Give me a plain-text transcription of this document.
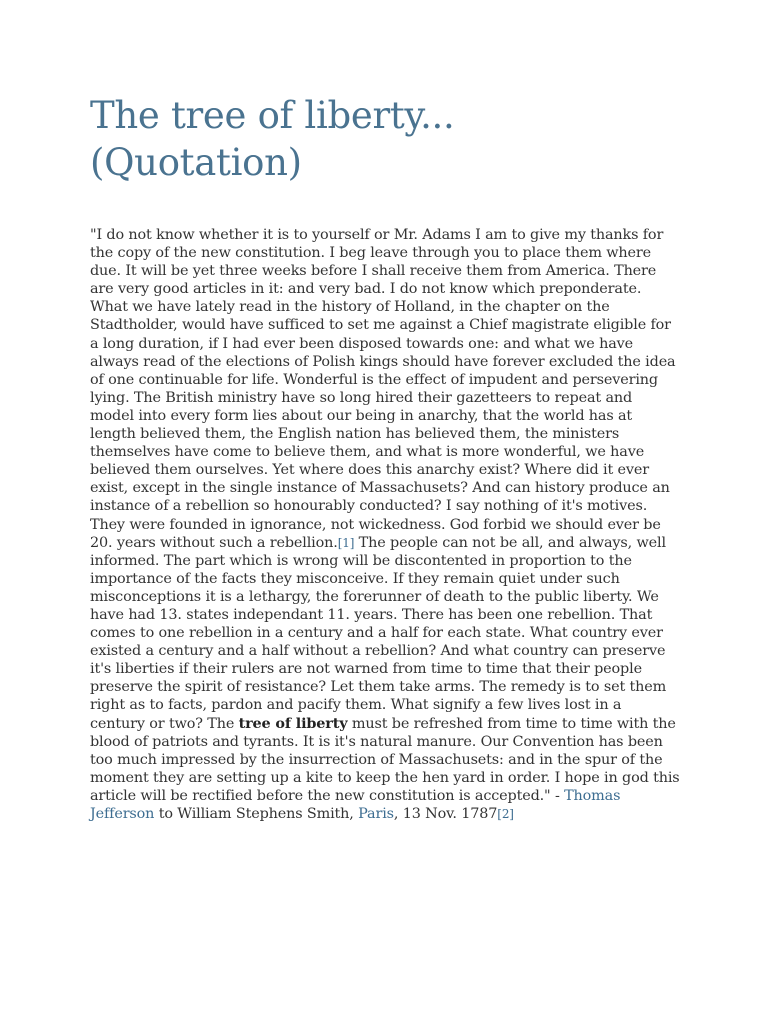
The tree of liberty...
(Quotation)
"I do not know whether it is to yourself or Mr. Adams I am to give my thanks for the copy of the new constitution. I beg leave through you to place them where due. It will be yet three weeks before I shall receive them from America. There are very good articles in it: and very bad. I do not know which preponderate. What we have lately read in the history of Holland, in the chapter on the Stadtholder, would have sufficed to set me against a Chief magistrate eligible for a long duration, if I had ever been disposed towards one: and what we have always read of the elections of Polish kings should have forever excluded the idea of one continuable for life. Wonderful is the effect of impudent and persevering lying. The British ministry have so long hired their gazetteers to repeat and model into every form lies about our being in anarchy, that the world has at length believed them, the English nation has believed them, the ministers themselves have come to believe them, and what is more wonderful, we have believed them ourselves. Yet where does this anarchy exist? Where did it ever exist, except in the single instance of Massachusets? And can history produce an instance of a rebellion so honourably conducted? I say nothing of it's motives. They were founded in ignorance, not wickedness. God forbid we should ever be 20. years without such a rebellion.[1] The people can not be all, and always, well informed. The part which is wrong will be discontented in proportion to the importance of the facts they misconceive. If they remain quiet under such misconceptions it is a lethargy, the forerunner of death to the public liberty. We have had 13. states independant 11. years. There has been one rebellion. That comes to one rebellion in a century and a half for each state. What country ever existed a century and a half without a rebellion? And what country can preserve it's liberties if their rulers are not warned from time to time that their people preserve the spirit of resistance? Let them take arms. The remedy is to set them right as to facts, pardon and pacify them. What signify a few lives lost in a century or two? The tree of liberty must be refreshed from time to time with the blood of patriots and tyrants. It is it's natural manure. Our Convention has been too much impressed by the insurrection of Massachusets: and in the spur of the moment they are setting up a kite to keep the hen yard in order. I hope in god this article will be rectified before the new constitution is accepted." - Thomas Jefferson to William Stephens Smith, Paris, 13 Nov. 1787[2]
